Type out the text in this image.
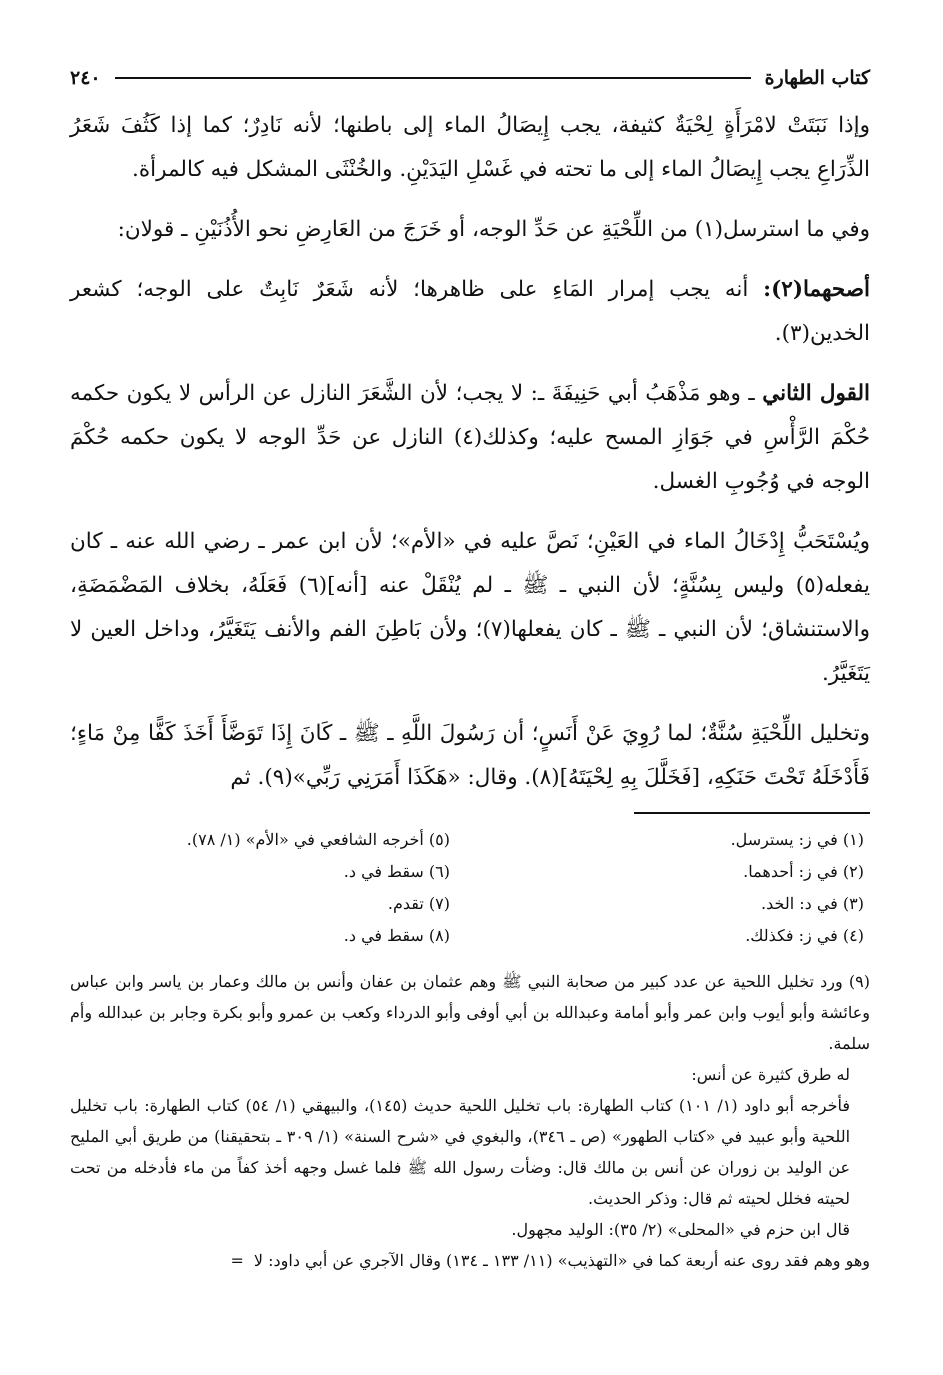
كتاب الطهارة
٢٤٠

وإذا نَبَتَتْ لامْرَأَةٍ لِحْيَةٌ كثيفة، يجب إِيصَالُ الماء إلى باطنها؛ لأنه نَادِرٌ؛ كما إذا كَثُفَ شَعَرُ الذِّرَاعِ يجب إِيصَالُ الماء إلى ما تحته في غَسْلِ اليَدَيْنِ. والخُنْثَى المشكل فيه كالمرأة.

وفي ما استرسل(١) من اللِّحْيَةِ عن حَدِّ الوجه، أو خَرَجَ من العَارِضِ نحو الأُذُنَيْنِ ـ قولان:

أصحهما(٢): أنه يجب إمرار المَاءِ على ظاهرها؛ لأنه شَعَرٌ نَابِتٌ على الوجه؛ كشعر الخدين(٣).

القول الثاني ـ وهو مَذْهَبُ أبي حَنِيفَةَ ـ: لا يجب؛ لأن الشَّعَرَ النازل عن الرأس لا يكون حكمه حُكْمَ الرَّأْسِ في جَوَازِ المسح عليه؛ وكذلك(٤) النازل عن حَدِّ الوجه لا يكون حكمه حُكْمَ الوجه في وُجُوبِ الغسل.

ويُسْتَحَبُّ إِدْخَالُ الماء في العَيْنِ؛ نَصَّ عليه في «الأم»؛ لأن ابن عمر ـ رضي الله عنه ـ كان يفعله(٥) وليس بِسُنَّةٍ؛ لأن النبي ـ ﷺ ـ لم يُنْقَلْ عنه [أنه](٦) فَعَلَهُ، بخلاف المَضْمَضَةِ، والاستنشاق؛ لأن النبي ـ ﷺ ـ كان يفعلها(٧)؛ ولأن بَاطِنَ الفم والأنف يَتَغَيَّرُ، وداخل العين لا يَتَغَيَّرُ.

وتخليل اللِّحْيَةِ سُنَّةٌ؛ لما رُوِيَ عَنْ أَنَسٍ؛ أن رَسُولَ اللَّهِ ـ ﷺ ـ كَانَ إِذَا تَوَضَّأَ أَخَذَ كَفًّا مِنْ مَاءٍ؛ فَأَدْخَلَهُ تَحْتَ حَنَكِهِ، [فَخَلَّلَ بِهِ لِحْيَتَهُ](٨). وقال: «هَكَذَا أَمَرَنِي رَبِّي»(٩). ثم

(١) في ز: يسترسل.
(٥) أخرجه الشافعي في «الأم» (١/ ٧٨).
(٢) في ز: أحدهما.
(٦) سقط في د.
(٣) في د: الخد.
(٧) تقدم.
(٤) في ز: فكذلك.
(٨) سقط في د.

(٩) ورد تخليل اللحية عن عدد كبير من صحابة النبي ﷺ وهم عثمان بن عفان وأنس بن مالك وعمار بن ياسر وابن عباس وعائشة وأبو أيوب وابن عمر وأبو أمامة وعبدالله بن أبي أوفى وأبو الدرداء وكعب بن عمرو وأبو بكرة وجابر بن عبدالله وأم سلمة.

له طرق كثيرة عن أنس:

فأخرجه أبو داود (١/ ١٠١) كتاب الطهارة: باب تخليل اللحية حديث (١٤٥)، والبيهقي (١/ ٥٤) كتاب الطهارة: باب تخليل اللحية وأبو عبيد في «كتاب الطهور» (ص ـ ٣٤٦)، والبغوي في «شرح السنة» (١/ ٣٠٩ ـ بتحقيقنا) من طريق أبي المليح عن الوليد بن زوران عن أنس بن مالك قال: وضأت رسول الله ﷺ فلما غسل وجهه أخذ كفاً من ماء فأدخله من تحت لحيته فخلل لحيته ثم قال: وذكر الحديث.

قال ابن حزم في «المحلى» (٢/ ٣٥): الوليد مجهول.

وهو وهم فقد روى عنه أربعة كما في «التهذيب» (١١/ ١٣٣ ـ ١٣٤) وقال الآجري عن أبي داود: لا=
